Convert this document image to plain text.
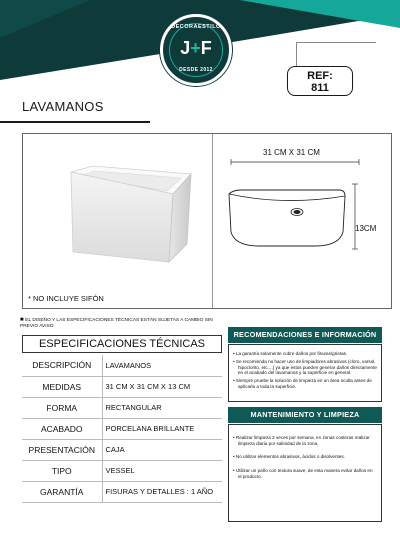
DECORAESTILO
J+F
DESDE 2012	REF:
811
LAVAMANOS
* NO INCLUYE SIFÓN
31 CM X 31 CM
13CM
■ EL DISEÑO Y LAS ESPECIFICACIONES TÉCNICAS ESTÁN SUJETAS A CAMBIO SIN PREVIO AVISO.
ESPECIFICACIONES TÉCNICAS
DESCRIPCIÓN	LAVAMANOS
MEDIDAS	31 CM X 31 CM X 13 CM
FORMA	RECTANGULAR
ACABADO	PORCELANA BRILLANTE
PRESENTACIÓN	CAJA
TIPO	VESSEL
GARANTÍA	FISURAS Y DETALLES : 1 AÑO
RECOMENDACIONES E INFORMACIÓN
• La garantía solamente cubre daños por fisuras/grietas.
• Se recomienda no hacer uso de limpiadores abrasivos (cloro, varsol, hipoclorito, etc....) ya que estos pueden generar daños directamente en el acabado del lavamanos y la superficie en general.
• Siempre pruebe la solución de limpieza en un área oculta antes de aplicarla a toda la superficie.
MANTENIMIENTO Y LIMPIEZA
• Realizar limpieza 2 veces por semana, en zonas costeras realizar limpieza diaria por salinidad de la zona.
• No utilizar elementos abrasivos, ácidos o disolventes.
• Utilizar un paño con textura suave, de esta manera evitar daños en el producto.
